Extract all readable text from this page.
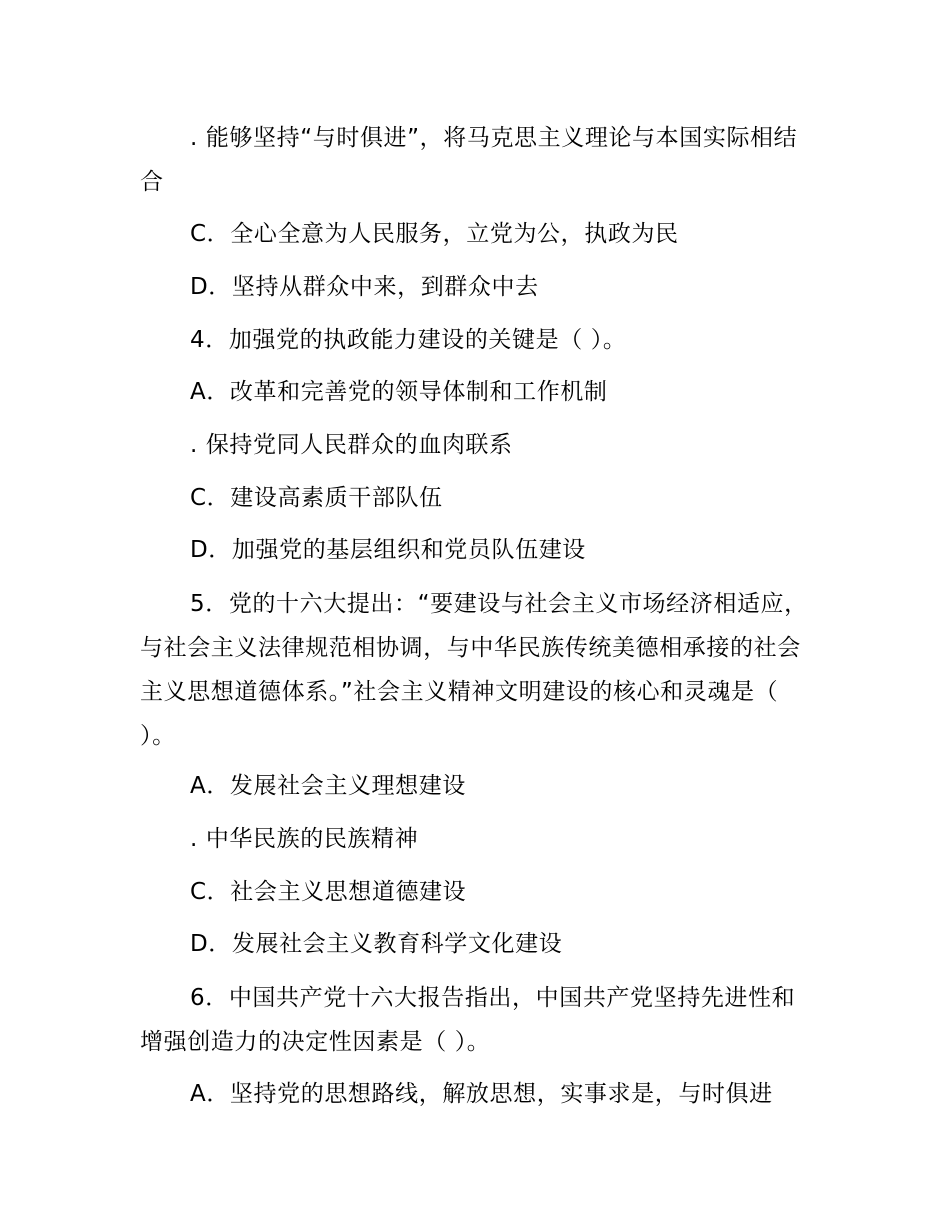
. 能够坚持“与时俱进”，将马克思主义理论与本国实际相结合

C．全心全意为人民服务，立党为公，执政为民

D．坚持从群众中来，到群众中去

4．加强党的执政能力建设的关键是（ ）。

A．改革和完善党的领导体制和工作机制

. 保持党同人民群众的血肉联系

C．建设高素质干部队伍

D．加强党的基层组织和党员队伍建设

5．党的十六大提出：“要建设与社会主义市场经济相适应，与社会主义法律规范相协调，与中华民族传统美德相承接的社会主义思想道德体系。”社会主义精神文明建设的核心和灵魂是（ ）。

A．发展社会主义理想建设

. 中华民族的民族精神

C．社会主义思想道德建设

D．发展社会主义教育科学文化建设

6．中国共产党十六大报告指出，中国共产党坚持先进性和增强创造力的决定性因素是（ ）。

A．坚持党的思想路线，解放思想，实事求是，与时俱进
